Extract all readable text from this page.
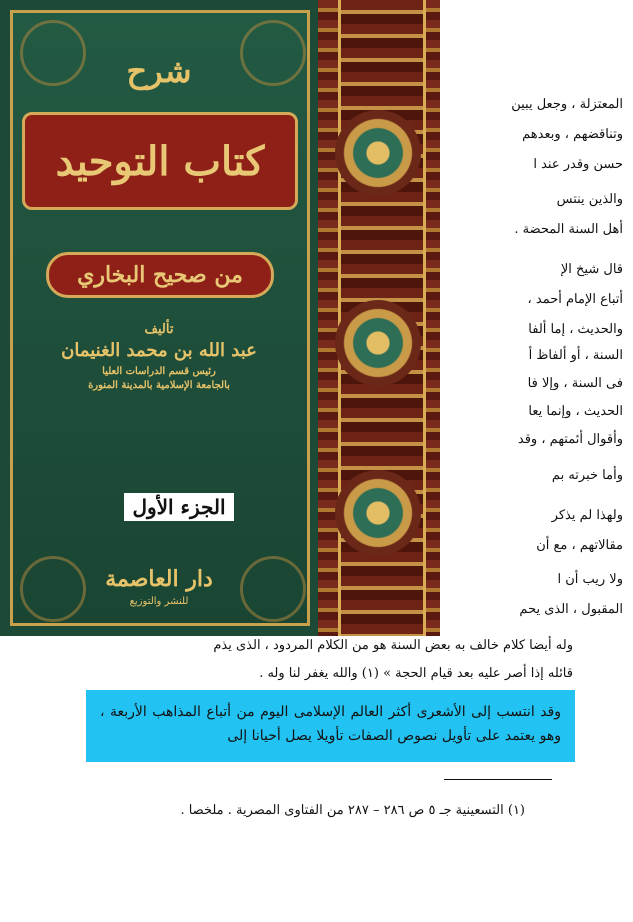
شرح
كتاب التوحيد
من صحيح البخاري
تأليف
عبد الله بن محمد الغنيمان
رئيس قسم الدراسات العليا
بالجامعة الإسلامية بالمدينة المنورة
الجزء الأول
دار العاصمة
للنشر والتوزيع
المعتزلة ، وجعل يبين
وتناقضهم ، وبعدهم
حسن وقدر عند ا
والذين ينتس
أهل السنة المحضة .
قال شيخ الإ
أتباع الإمام أحمد ،
والحديث ، إما ألفا
السنة ، أو ألفاظ أ
فى السنة ، وإلا فا
الحديث ، وإنما يعا
وأقوال أئمتهم ، وقد
وأما خبرته بم
ولهذا لم يذكر
مقالاتهم ، مع أن
ولا ريب أن ا
المقبول ، الذى يحم
وله أيضا كلام خالف به بعض السنة هو من الكلام المردود ، الذى يذم
قائله إذا أصر عليه بعد قيام الحجة » (١) والله يغفر لنا وله .
وقد انتسب إلى الأشعرى أكثر العالم الإسلامى اليوم من أتباع المذاهب الأربعة ، وهو يعتمد على تأويل نصوص الصفات تأويلا يصل أحيانا إلى
(١) التسعينية جـ ٥ ص ٢٨٦ – ٢٨٧ من الفتاوى المصرية . ملخصا .
